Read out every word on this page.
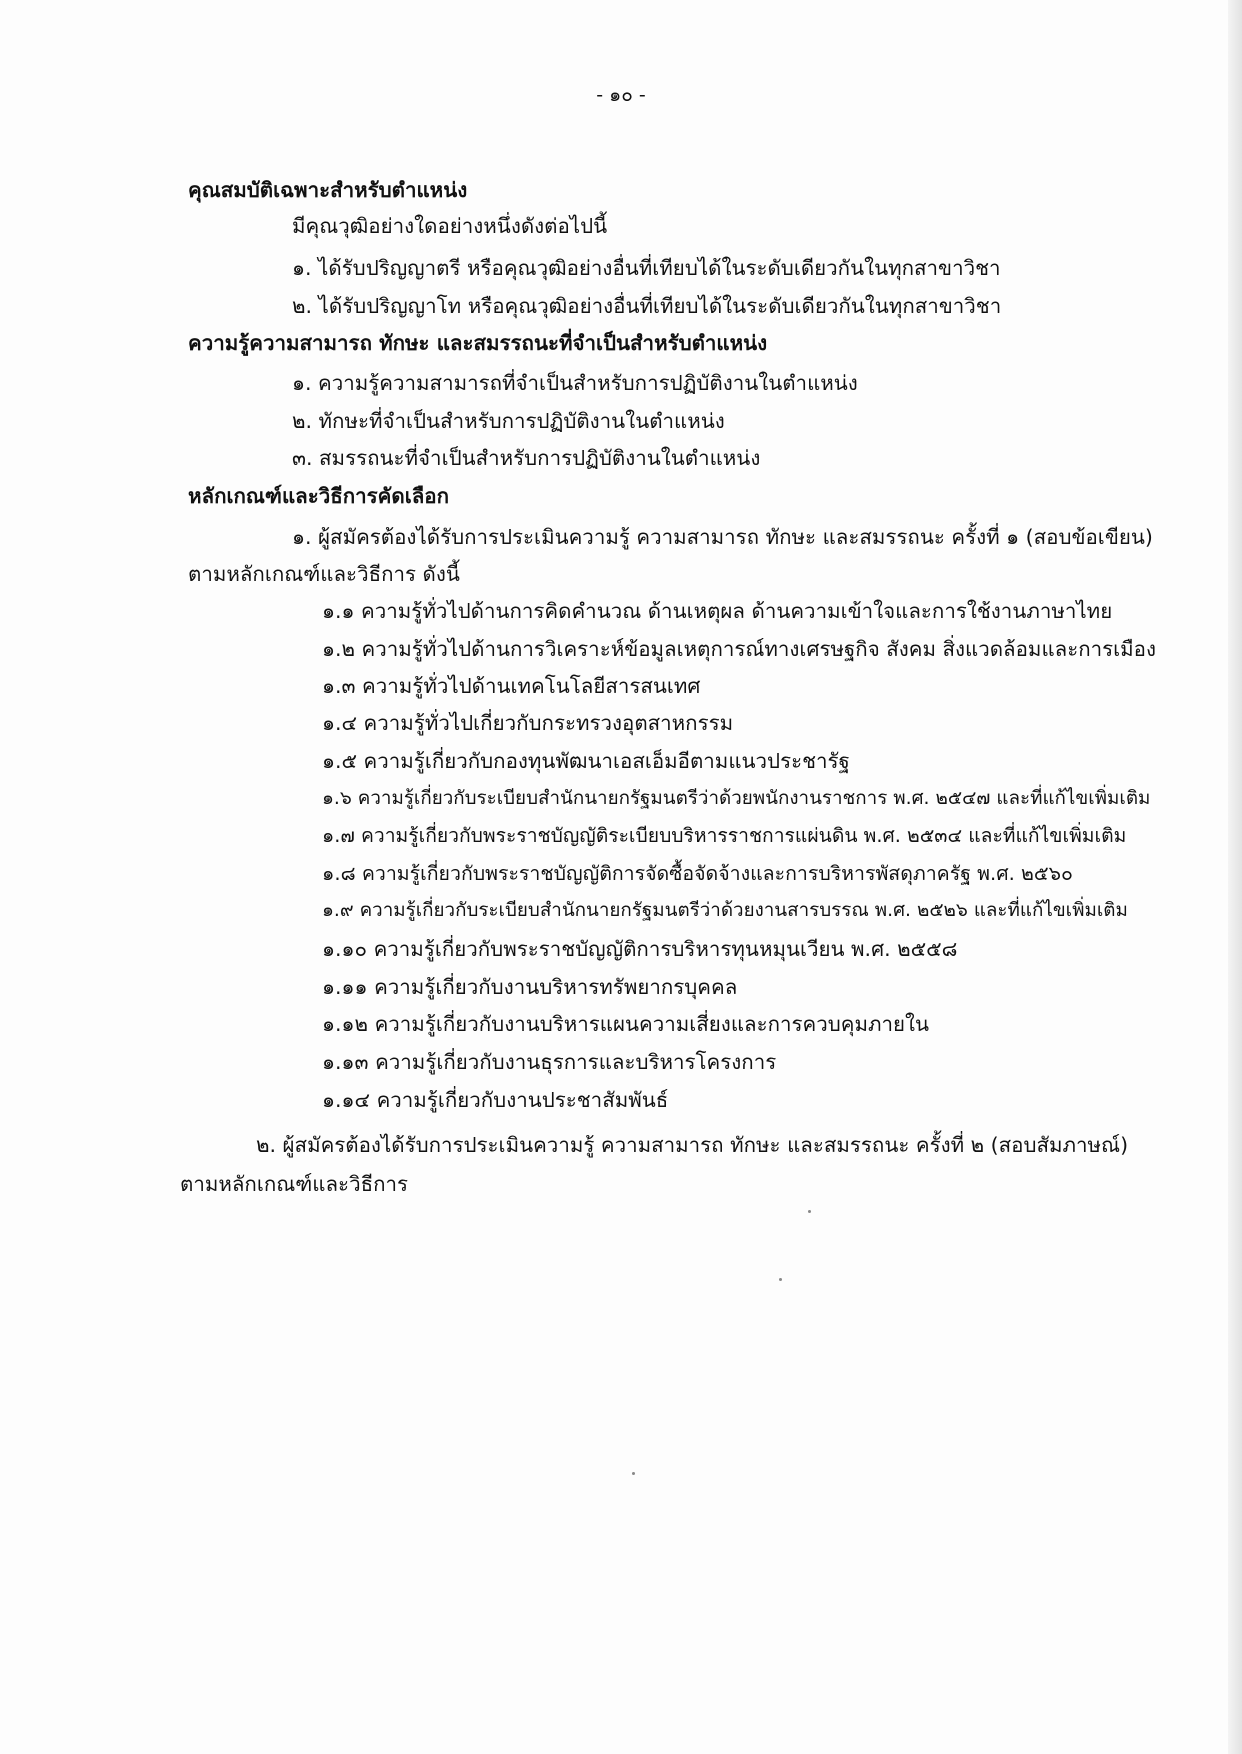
- ๑๐ -
คุณสมบัติเฉพาะสำหรับตำแหน่ง
มีคุณวุฒิอย่างใดอย่างหนึ่งดังต่อไปนี้
๑. ได้รับปริญญาตรี หรือคุณวุฒิอย่างอื่นที่เทียบได้ในระดับเดียวกันในทุกสาขาวิชา
๒. ได้รับปริญญาโท หรือคุณวุฒิอย่างอื่นที่เทียบได้ในระดับเดียวกันในทุกสาขาวิชา
ความรู้ความสามารถ ทักษะ และสมรรถนะที่จำเป็นสำหรับตำแหน่ง
๑. ความรู้ความสามารถที่จำเป็นสำหรับการปฏิบัติงานในตำแหน่ง
๒. ทักษะที่จำเป็นสำหรับการปฏิบัติงานในตำแหน่ง
๓. สมรรถนะที่จำเป็นสำหรับการปฏิบัติงานในตำแหน่ง
หลักเกณฑ์และวิธีการคัดเลือก
๑. ผู้สมัครต้องได้รับการประเมินความรู้ ความสามารถ ทักษะ และสมรรถนะ ครั้งที่ ๑ (สอบข้อเขียน)
ตามหลักเกณฑ์และวิธีการ ดังนี้
๑.๑ ความรู้ทั่วไปด้านการคิดคำนวณ ด้านเหตุผล ด้านความเข้าใจและการใช้งานภาษาไทย
๑.๒ ความรู้ทั่วไปด้านการวิเคราะห์ข้อมูลเหตุการณ์ทางเศรษฐกิจ สังคม สิ่งแวดล้อมและการเมือง
๑.๓ ความรู้ทั่วไปด้านเทคโนโลยีสารสนเทศ
๑.๔ ความรู้ทั่วไปเกี่ยวกับกระทรวงอุตสาหกรรม
๑.๕ ความรู้เกี่ยวกับกองทุนพัฒนาเอสเอ็มอีตามแนวประชารัฐ
๑.๖ ความรู้เกี่ยวกับระเบียบสำนักนายกรัฐมนตรีว่าด้วยพนักงานราชการ พ.ศ. ๒๕๔๗ และที่แก้ไขเพิ่มเติม
๑.๗ ความรู้เกี่ยวกับพระราชบัญญัติระเบียบบริหารราชการแผ่นดิน พ.ศ. ๒๕๓๔ และที่แก้ไขเพิ่มเติม
๑.๘ ความรู้เกี่ยวกับพระราชบัญญัติการจัดซื้อจัดจ้างและการบริหารพัสดุภาครัฐ พ.ศ. ๒๕๖๐
๑.๙ ความรู้เกี่ยวกับระเบียบสำนักนายกรัฐมนตรีว่าด้วยงานสารบรรณ พ.ศ. ๒๕๒๖ และที่แก้ไขเพิ่มเติม
๑.๑๐ ความรู้เกี่ยวกับพระราชบัญญัติการบริหารทุนหมุนเวียน พ.ศ. ๒๕๕๘
๑.๑๑ ความรู้เกี่ยวกับงานบริหารทรัพยากรบุคคล
๑.๑๒ ความรู้เกี่ยวกับงานบริหารแผนความเสี่ยงและการควบคุมภายใน
๑.๑๓ ความรู้เกี่ยวกับงานธุรการและบริหารโครงการ
๑.๑๔ ความรู้เกี่ยวกับงานประชาสัมพันธ์
๒. ผู้สมัครต้องได้รับการประเมินความรู้ ความสามารถ ทักษะ และสมรรถนะ ครั้งที่ ๒ (สอบสัมภาษณ์)
ตามหลักเกณฑ์และวิธีการ
